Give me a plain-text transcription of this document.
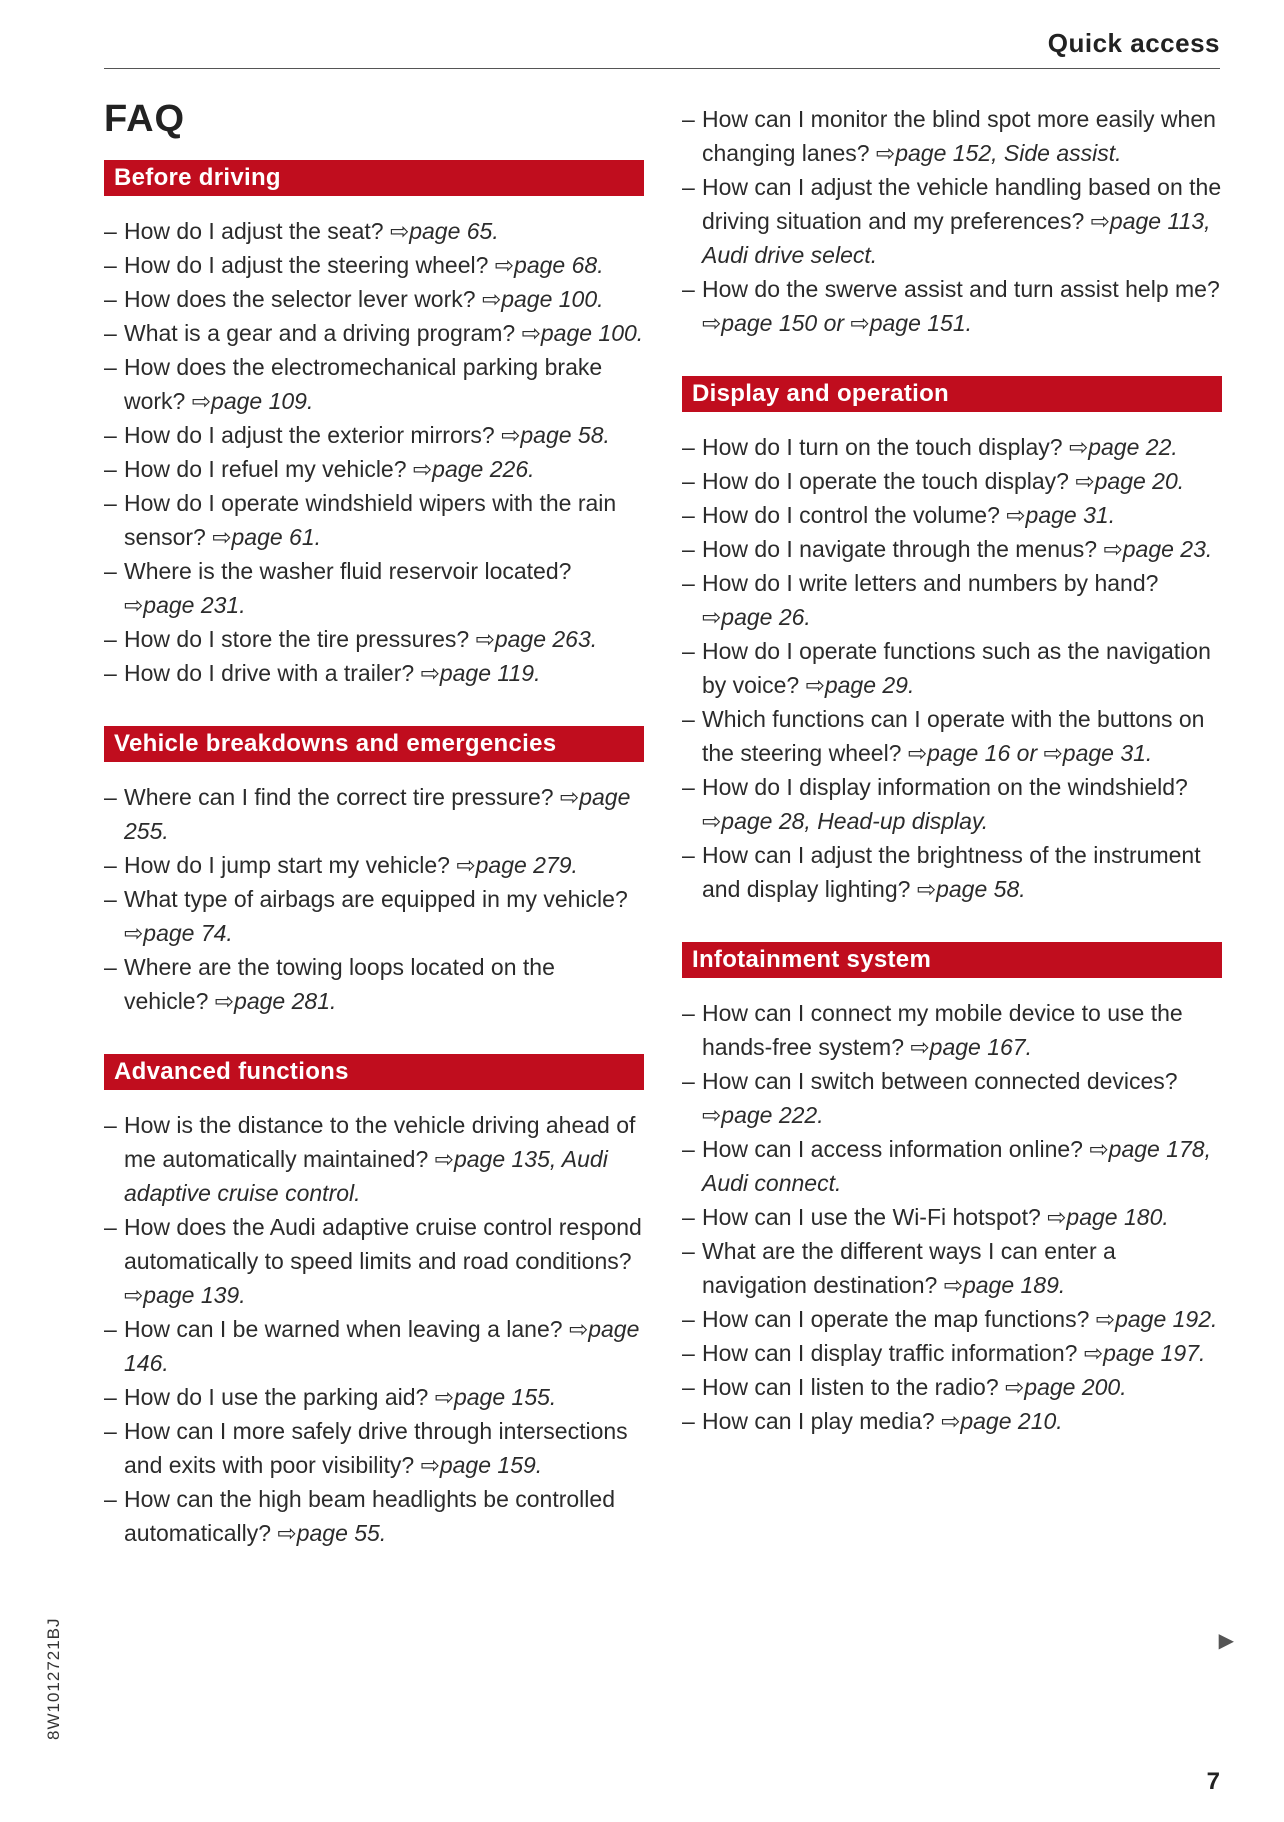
Quick access
FAQ
Before driving
– How do I adjust the seat? ⇨page 65.
– How do I adjust the steering wheel? ⇨page 68.
– How does the selector lever work? ⇨page 100.
– What is a gear and a driving program? ⇨page 100.
– How does the electromechanical parking brake work? ⇨page 109.
– How do I adjust the exterior mirrors? ⇨page 58.
– How do I refuel my vehicle? ⇨page 226.
– How do I operate windshield wipers with the rain sensor? ⇨page 61.
– Where is the washer fluid reservoir located? ⇨page 231.
– How do I store the tire pressures? ⇨page 263.
– How do I drive with a trailer? ⇨page 119.
Vehicle breakdowns and emergencies
– Where can I find the correct tire pressure? ⇨page 255.
– How do I jump start my vehicle? ⇨page 279.
– What type of airbags are equipped in my vehicle? ⇨page 74.
– Where are the towing loops located on the vehicle? ⇨page 281.
Advanced functions
– How is the distance to the vehicle driving ahead of me automatically maintained? ⇨page 135, Audi adaptive cruise control.
– How does the Audi adaptive cruise control respond automatically to speed limits and road conditions? ⇨page 139.
– How can I be warned when leaving a lane? ⇨page 146.
– How do I use the parking aid? ⇨page 155.
– How can I more safely drive through intersections and exits with poor visibility? ⇨page 159.
– How can the high beam headlights be controlled automatically? ⇨page 55.
– How can I monitor the blind spot more easily when changing lanes? ⇨page 152, Side assist.
– How can I adjust the vehicle handling based on the driving situation and my preferences? ⇨page 113, Audi drive select.
– How do the swerve assist and turn assist help me? ⇨page 150 or ⇨page 151.
Display and operation
– How do I turn on the touch display? ⇨page 22.
– How do I operate the touch display? ⇨page 20.
– How do I control the volume? ⇨page 31.
– How do I navigate through the menus? ⇨page 23.
– How do I write letters and numbers by hand? ⇨page 26.
– How do I operate functions such as the navigation by voice? ⇨page 29.
– Which functions can I operate with the buttons on the steering wheel? ⇨page 16 or ⇨page 31.
– How do I display information on the windshield? ⇨page 28, Head-up display.
– How can I adjust the brightness of the instrument and display lighting? ⇨page 58.
Infotainment system
– How can I connect my mobile device to use the hands-free system? ⇨page 167.
– How can I switch between connected devices? ⇨page 222.
– How can I access information online? ⇨page 178, Audi connect.
– How can I use the Wi-Fi hotspot? ⇨page 180.
– What are the different ways I can enter a navigation destination? ⇨page 189.
– How can I operate the map functions? ⇨page 192.
– How can I display traffic information? ⇨page 197.
– How can I listen to the radio? ⇨page 200.
– How can I play media? ⇨page 210.
8W1012721BJ	▶
7
